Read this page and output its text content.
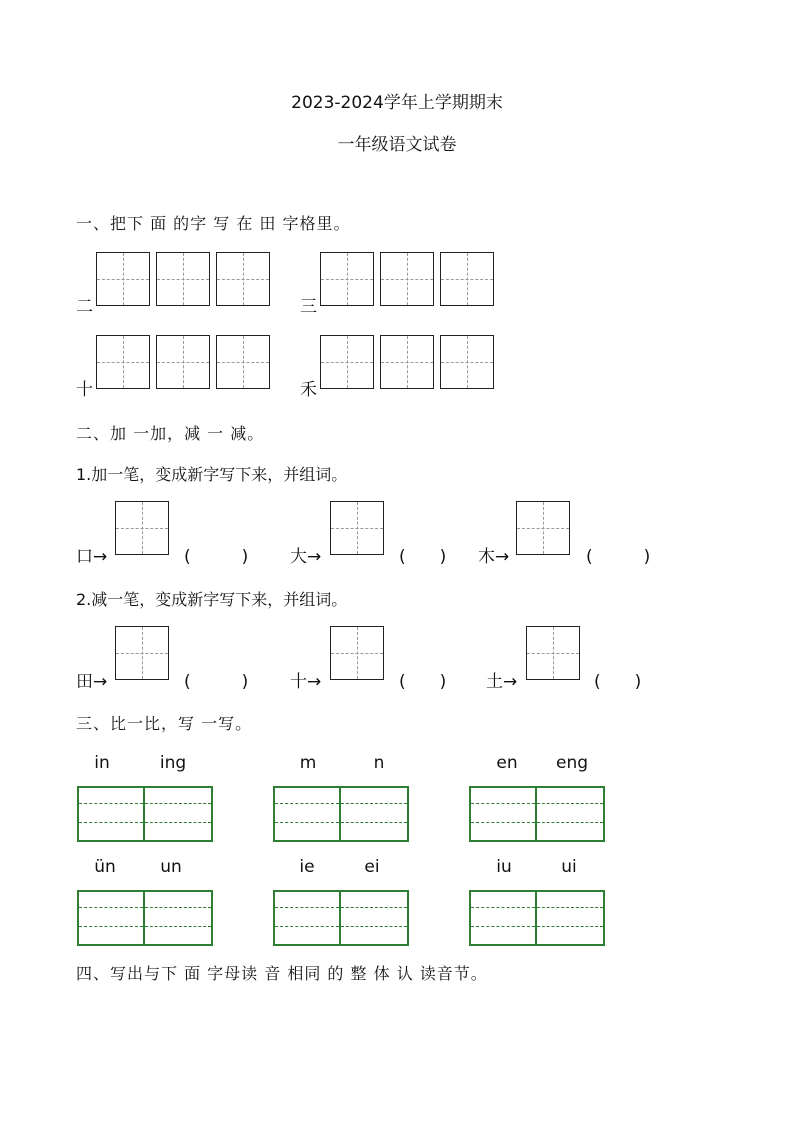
2023-2024学年上学期期末
一年级语文试卷
一、把下 面 的字 写 在 田 字格里。
二	三
十	禾
二、加 一加，减 一 减。
1.加一笔，变成新字写下来，并组词。
口→	(　　　) 大→	(　　) 木→	(　　　)
2.减一笔，变成新字写下来，并组词。
田→	(　　　) 十→	(　　) 土→	(　　)
三、比一比，写 一写。
in	ing	m	n	en	eng
ün	un	ie	ei	iu	ui
四、写出与下 面 字母读 音 相同 的 整 体 认 读音节。
